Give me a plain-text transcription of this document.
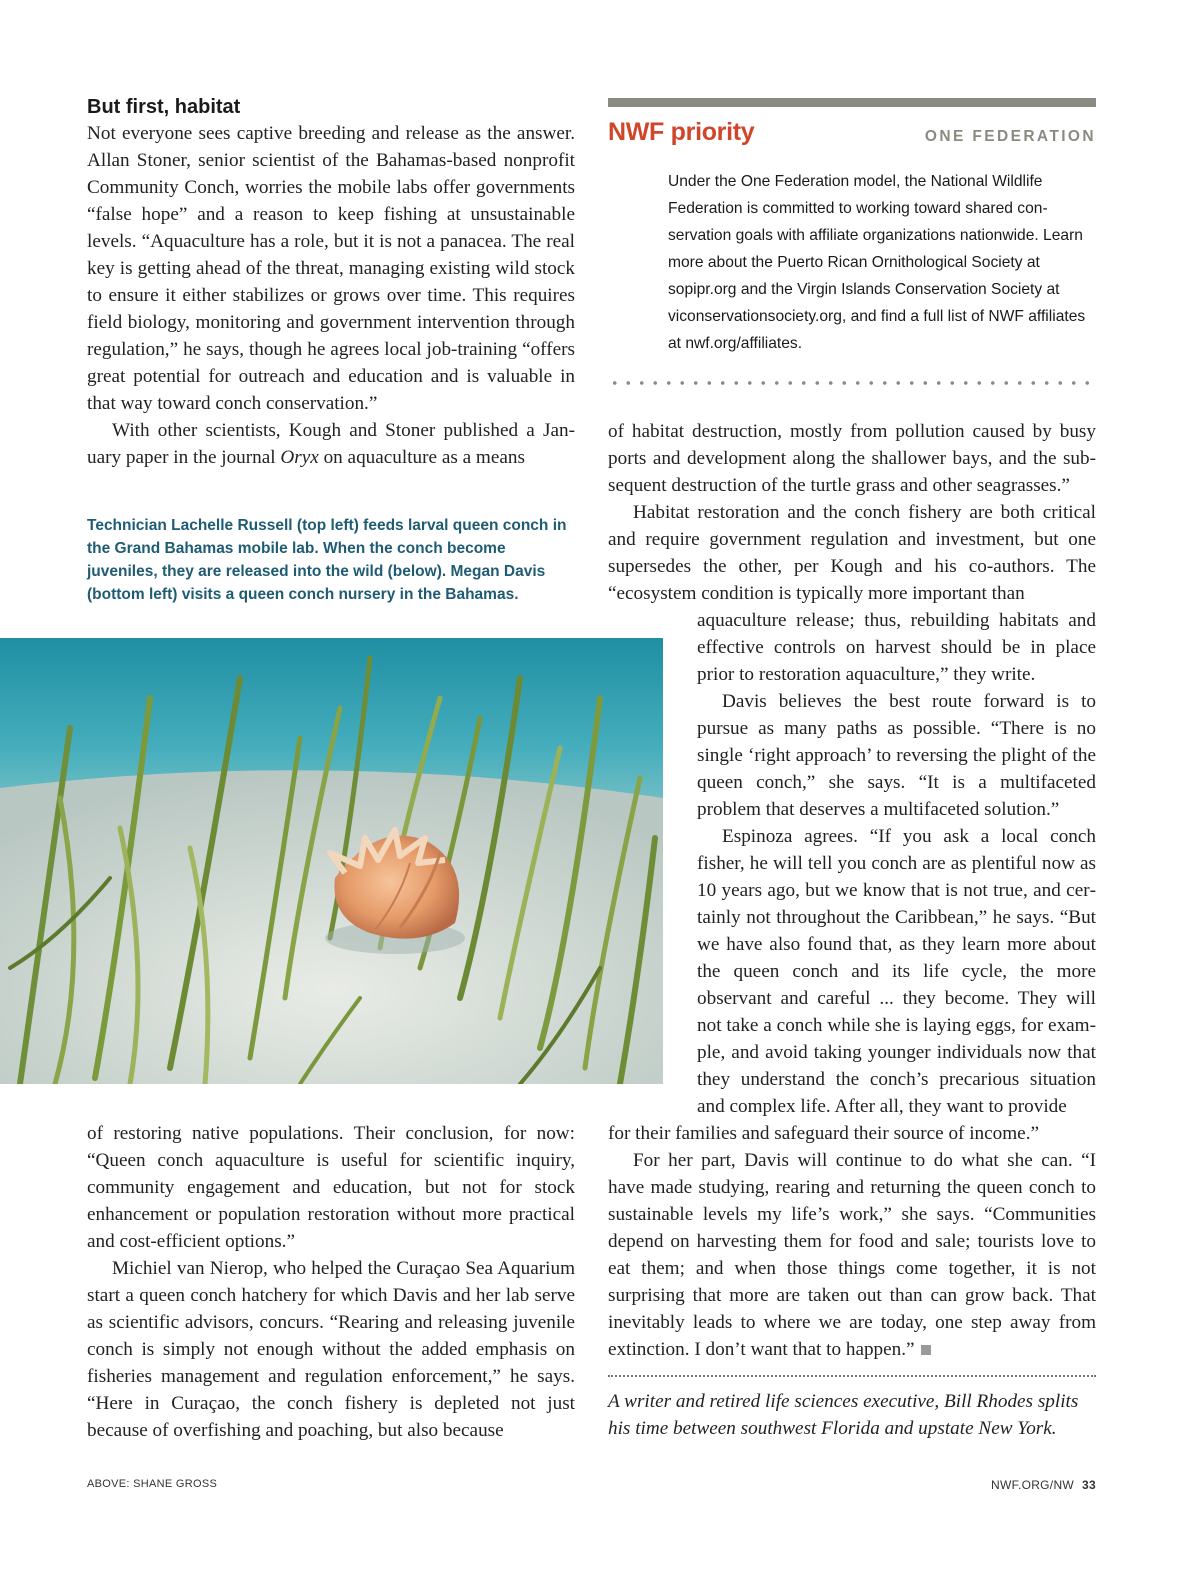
But first, habitat

Not everyone sees captive breeding and release as the answer. Allan Stoner, senior scientist of the Bahamas-based nonprofit Community Conch, worries the mobile labs offer governments “false hope” and a reason to keep fishing at unsustainable levels. “Aquaculture has a role, but it is not a panacea. The real key is getting ahead of the threat, managing existing wild stock to ensure it either stabilizes or grows over time. This requires field biology, monitoring and government intervention through regulation,” he says, though he agrees local job-training “offers great potential for outreach and education and is valuable in that way toward conch conservation.”

With other scientists, Kough and Stoner published a January paper in the journal Oryx on aquaculture as a means

Technician Lachelle Russell (top left) feeds larval queen conch in the Grand Bahamas mobile lab. When the conch become juveniles, they are released into the wild (below). Megan Davis (bottom left) visits a queen conch nursery in the Bahamas.

of restoring native populations. Their conclusion, for now: “Queen conch aquaculture is useful for scientific inquiry, community engagement and education, but not for stock enhancement or population restoration without more practical and cost-efficient options.”

Michiel van Nierop, who helped the Curaçao Sea Aquarium start a queen conch hatchery for which Davis and her lab serve as scientific advisors, concurs. “Rearing and releasing juvenile conch is simply not enough without the added emphasis on fisheries management and regulation enforcement,” he says. “Here in Curaçao, the conch fishery is depleted not just because of overfishing and poaching, but also because

NWF priority	ONE FEDERATION

Under the One Federation model, the National Wildlife Federation is committed to working toward shared conservation goals with affiliate organizations nationwide. Learn more about the Puerto Rican Ornithological Society at sopipr.org and the Virgin Islands Conservation Society at viconservationsociety.org, and find a full list of NWF affiliates at nwf.org/affiliates.

of habitat destruction, mostly from pollution caused by busy ports and development along the shallower bays, and the subsequent destruction of the turtle grass and other seagrasses.”

Habitat restoration and the conch fishery are both critical and require government regulation and investment, but one supersedes the other, per Kough and his co-authors. The “ecosystem condition is typically more important than

aquaculture release; thus, rebuilding habitats and effective controls on harvest should be in place prior to restoration aquaculture,” they write.

Davis believes the best route forward is to pursue as many paths as possible. “There is no single ‘right approach’ to reversing the plight of the queen conch,” she says. “It is a multifaceted problem that deserves a multifaceted solution.”

Espinoza agrees. “If you ask a local conch fisher, he will tell you conch are as plentiful now as 10 years ago, but we know that is not true, and certainly not throughout the Caribbean,” he says. “But we have also found that, as they learn more about the queen conch and its life cycle, the more observant and careful ... they become. They will not take a conch while she is laying eggs, for example, and avoid taking younger individuals now that they understand the conch’s precarious situation and complex life. After all, they want to provide

for their families and safeguard their source of income.”

For her part, Davis will continue to do what she can. “I have made studying, rearing and returning the queen conch to sustainable levels my life’s work,” she says. “Communities depend on harvesting them for food and sale; tourists love to eat them; and when those things come together, it is not surprising that more are taken out than can grow back. That inevitably leads to where we are today, one step away from extinction. I don’t want that to happen.”

A writer and retired life sciences executive, Bill Rhodes splits his time between southwest Florida and upstate New York.

ABOVE: SHANE GROSS	NWF.ORG/NW 33
